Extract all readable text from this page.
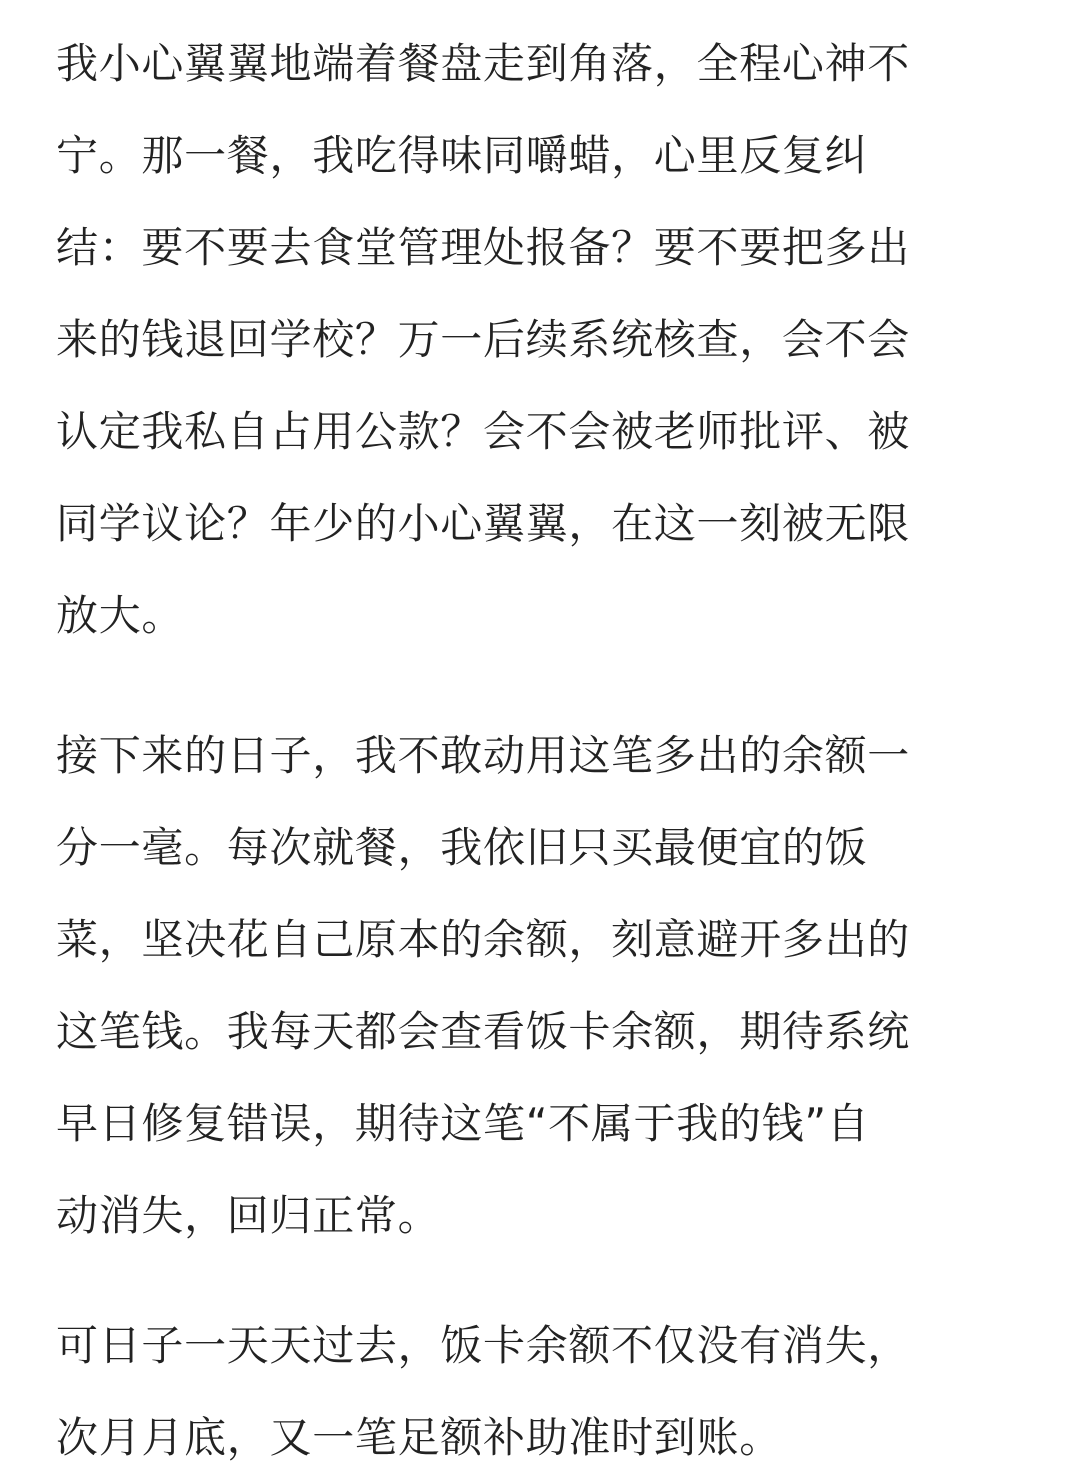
我小心翼翼地端着餐盘走到角落，全程心神不
宁。那一餐，我吃得味同嚼蜡，心里反复纠
结：要不要去食堂管理处报备？要不要把多出
来的钱退回学校？万一后续系统核查，会不会
认定我私自占用公款？会不会被老师批评、被
同学议论？年少的小心翼翼，在这一刻被无限
放大。

接下来的日子，我不敢动用这笔多出的余额一
分一毫。每次就餐，我依旧只买最便宜的饭
菜，坚决花自己原本的余额，刻意避开多出的
这笔钱。我每天都会查看饭卡余额，期待系统
早日修复错误，期待这笔“不属于我的钱”自
动消失，回归正常。

可日子一天天过去，饭卡余额不仅没有消失，
次月月底，又一笔足额补助准时到账。
